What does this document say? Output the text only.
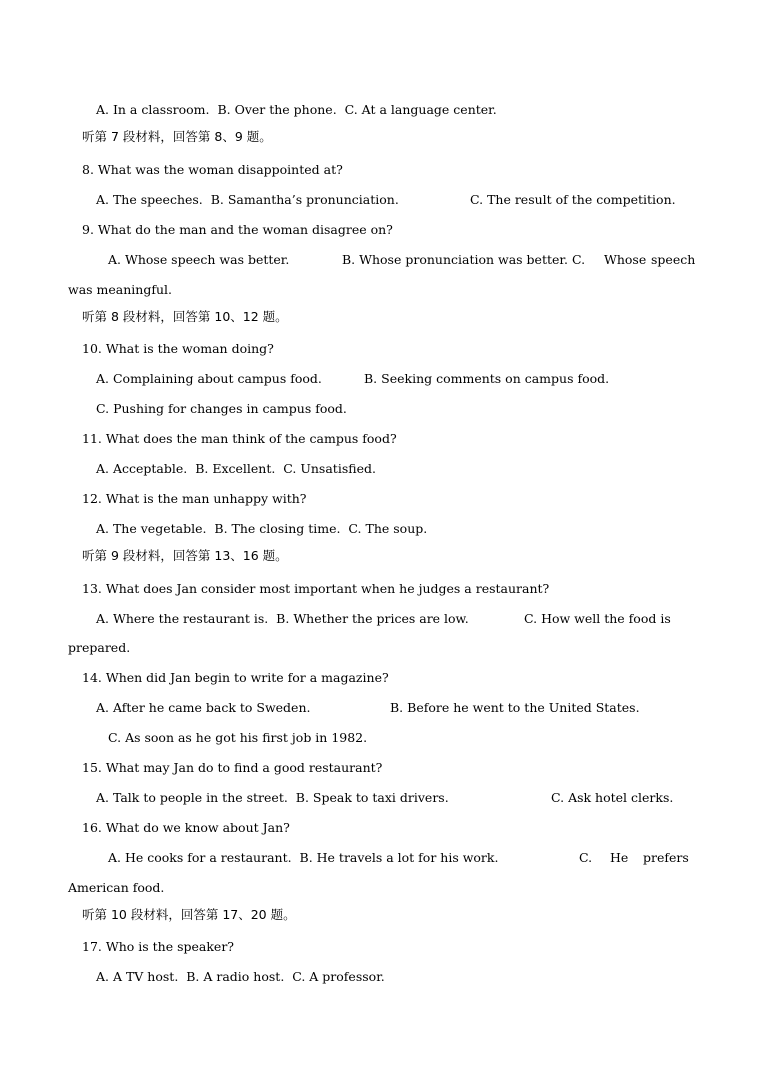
A. In a classroom.  B. Over the phone.  C. At a language center.
听第 7 段材料，回答第 8、9 题。
8. What was the woman disappointed at?
A. The speeches.  B. Samantha’s pronunciation.	C. The result of the competition.
9. What do the man and the woman disagree on?
A. Whose speech was better.	B. Whose pronunciation was better. C. Whose speech
was meaningful.
听第 8 段材料，回答第 10、12 题。
10. What is the woman doing?
A. Complaining about campus food.	B. Seeking comments on campus food.
C. Pushing for changes in campus food.
11. What does the man think of the campus food?
A. Acceptable.  B. Excellent.  C. Unsatisfied.
12. What is the man unhappy with?
A. The vegetable.  B. The closing time.  C. The soup.
听第 9 段材料，回答第 13、16 题。
13. What does Jan consider most important when he judges a restaurant?
A. Where the restaurant is.  B. Whether the prices are low.	C. How well the food is
prepared.
14. When did Jan begin to write for a magazine?
A. After he came back to Sweden.	B. Before he went to the United States.
C. As soon as he got his first job in 1982.
15. What may Jan do to find a good restaurant?
A. Talk to people in the street.  B. Speak to taxi drivers.	C. Ask hotel clerks.
16. What do we know about Jan?
A. He cooks for a restaurant.  B. He travels a lot for his work.	C. He prefers
American food.
听第 10 段材料，回答第 17、20 题。
17. Who is the speaker?
A. A TV host.  B. A radio host.  C. A professor.
